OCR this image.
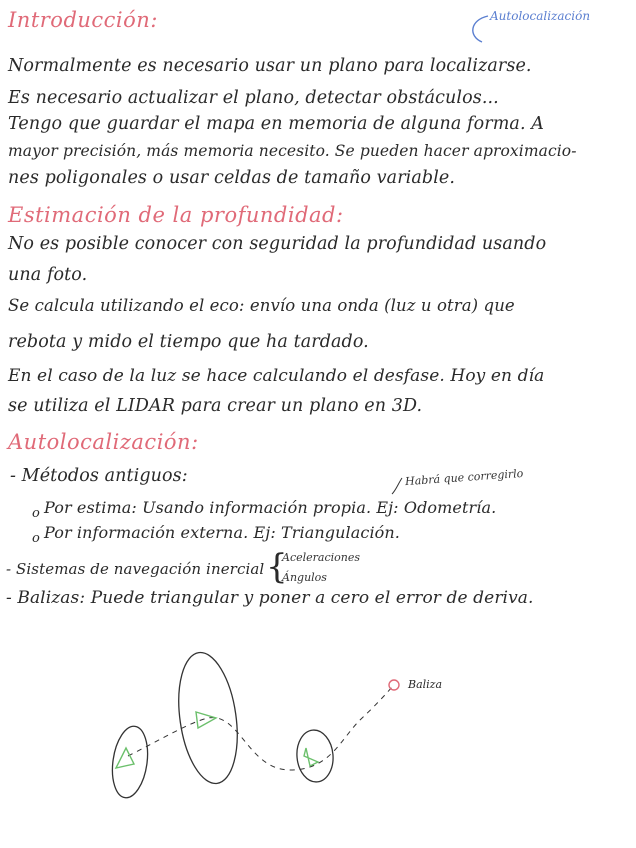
Autolocalización
Introducción:
Normalmente es necesario usar un plano para localizarse.
Es necesario actualizar el plano, detectar obstáculos...
Tengo que guardar el mapa en memoria de alguna forma. A
mayor precisión, más memoria necesito. Se pueden hacer aproximacio-
nes poligonales o usar celdas de tamaño variable.
Estimación de la profundidad:
No es posible conocer con seguridad la profundidad usando
una foto.
Se calcula utilizando el eco: envío una onda (luz u otra) que
rebota y mido el tiempo que ha tardado.
En el caso de la luz se hace calculando el desfase. Hoy en día
se utiliza el LIDAR para crear un plano en 3D.
Autolocalización:
- Métodos antiguos:	Habrá que corregirlo
o Por estima: Usando información propia. Ej: Odometría.
o Por información externa. Ej: Triangulación.
- Sistemas de navegación inercial {
Aceleraciones
Ángulos
- Balizas: Puede triangular y poner a cero el error de deriva.
Baliza
